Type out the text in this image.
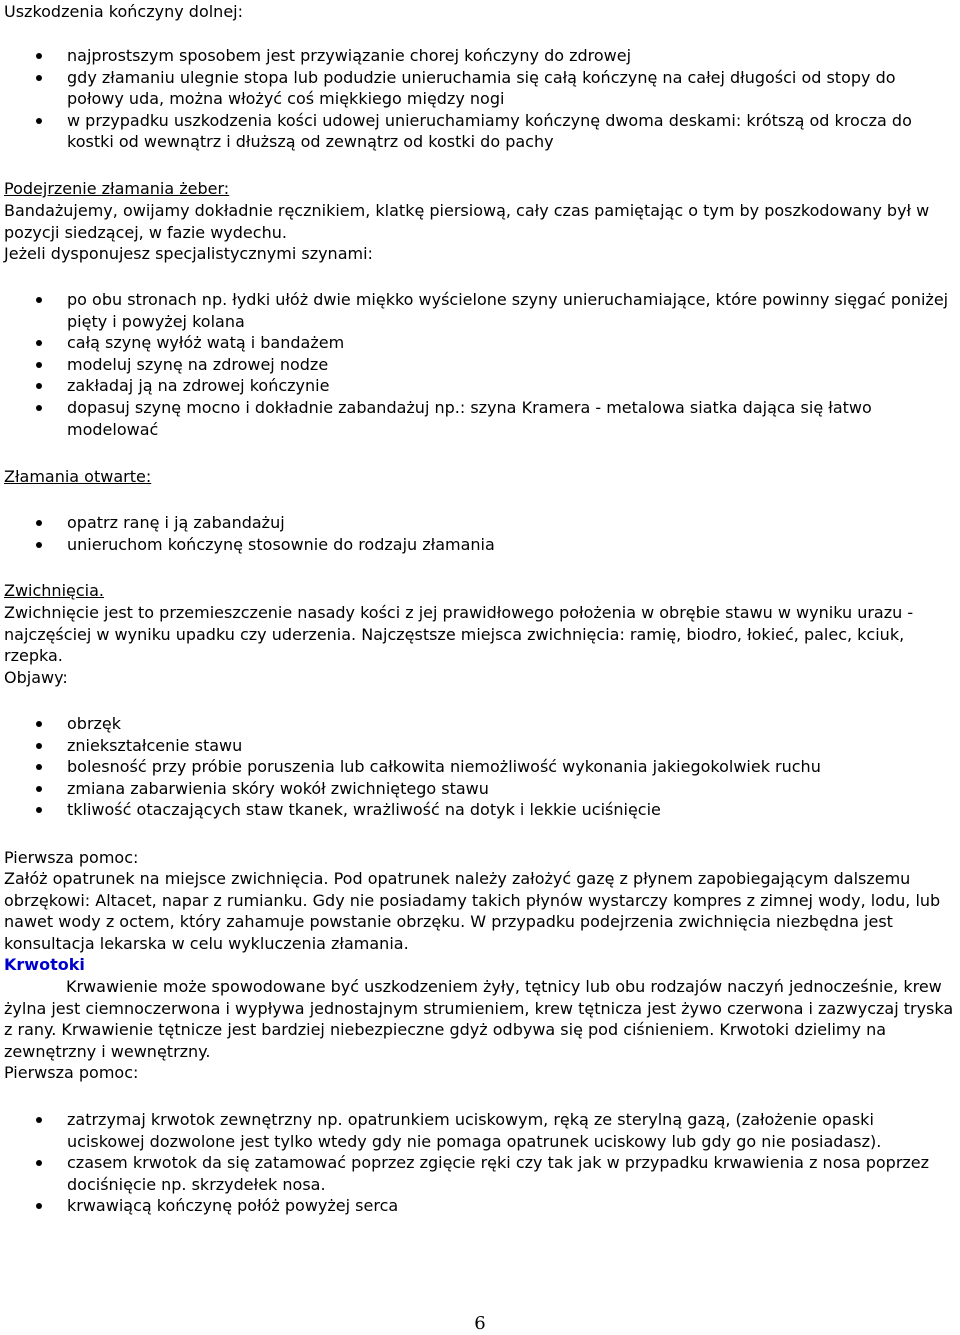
Uszkodzenia kończyny dolnej:
najprostszym sposobem jest przywiązanie chorej kończyny do zdrowej
gdy złamaniu ulegnie stopa lub podudzie unieruchamia się całą kończynę na całej długości od stopy do połowy uda, można włożyć coś miękkiego między nogi
w przypadku uszkodzenia kości udowej unieruchamiamy kończynę dwoma deskami: krótszą od krocza do kostki od wewnątrz i dłuższą od zewnątrz od kostki do pachy
Podejrzenie złamania żeber:
Bandażujemy, owijamy dokładnie ręcznikiem, klatkę piersiową, cały czas pamiętając o tym by poszkodowany był w pozycji siedzącej, w fazie wydechu.
Jeżeli dysponujesz specjalistycznymi szynami:
po obu stronach np. łydki ułóż dwie miękko wyścielone szyny unieruchamiające, które powinny sięgać poniżej pięty i powyżej kolana
całą szynę wyłóż watą i bandażem
modeluj szynę na zdrowej nodze
zakładaj ją na zdrowej kończynie
dopasuj szynę mocno i dokładnie zabandażuj np.: szyna Kramera - metalowa siatka dająca się łatwo modelować
Złamania otwarte:
opatrz ranę i ją zabandażuj
unieruchom kończynę stosownie do rodzaju złamania
Zwichnięcia.
Zwichnięcie jest to przemieszczenie nasady kości z jej prawidłowego położenia w obrębie stawu w wyniku urazu - najczęściej w wyniku upadku czy uderzenia. Najczęstsze miejsca zwichnięcia: ramię, biodro, łokieć, palec, kciuk, rzepka.
Objawy:
obrzęk
zniekształcenie stawu
bolesność przy próbie poruszenia lub całkowita niemożliwość wykonania jakiegokolwiek ruchu
zmiana zabarwienia skóry wokół zwichniętego stawu
tkliwość otaczających staw tkanek, wrażliwość na dotyk i lekkie uciśnięcie
Pierwsza pomoc:
Załóż opatrunek na miejsce zwichnięcia. Pod opatrunek należy założyć gazę z płynem zapobiegającym dalszemu obrzękowi: Altacet, napar z rumianku. Gdy nie posiadamy takich płynów wystarczy kompres z zimnej wody, lodu, lub nawet wody z octem, który zahamuje powstanie obrzęku. W przypadku podejrzenia zwichnięcia niezbędna jest konsultacja lekarska w celu wykluczenia złamania.
Krwotoki
Krwawienie może spowodowane być uszkodzeniem żyły, tętnicy lub obu rodzajów naczyń jednocześnie, krew żylna jest ciemnoczerwona i wypływa jednostajnym strumieniem, krew tętnicza jest żywo czerwona i zazwyczaj tryska z rany. Krwawienie tętnicze jest bardziej niebezpieczne gdyż odbywa się pod ciśnieniem. Krwotoki dzielimy na zewnętrzny i wewnętrzny.
Pierwsza pomoc:
zatrzymaj krwotok zewnętrzny np. opatrunkiem uciskowym, ręką ze sterylną gazą, (założenie opaski uciskowej dozwolone jest tylko wtedy gdy nie pomaga opatrunek uciskowy lub gdy go nie posiadasz).
czasem krwotok da się zatamować poprzez zgięcie ręki czy tak jak w przypadku krwawienia z nosa poprzez dociśnięcie np. skrzydełek nosa.
krwawiącą kończynę połóż powyżej serca
6
